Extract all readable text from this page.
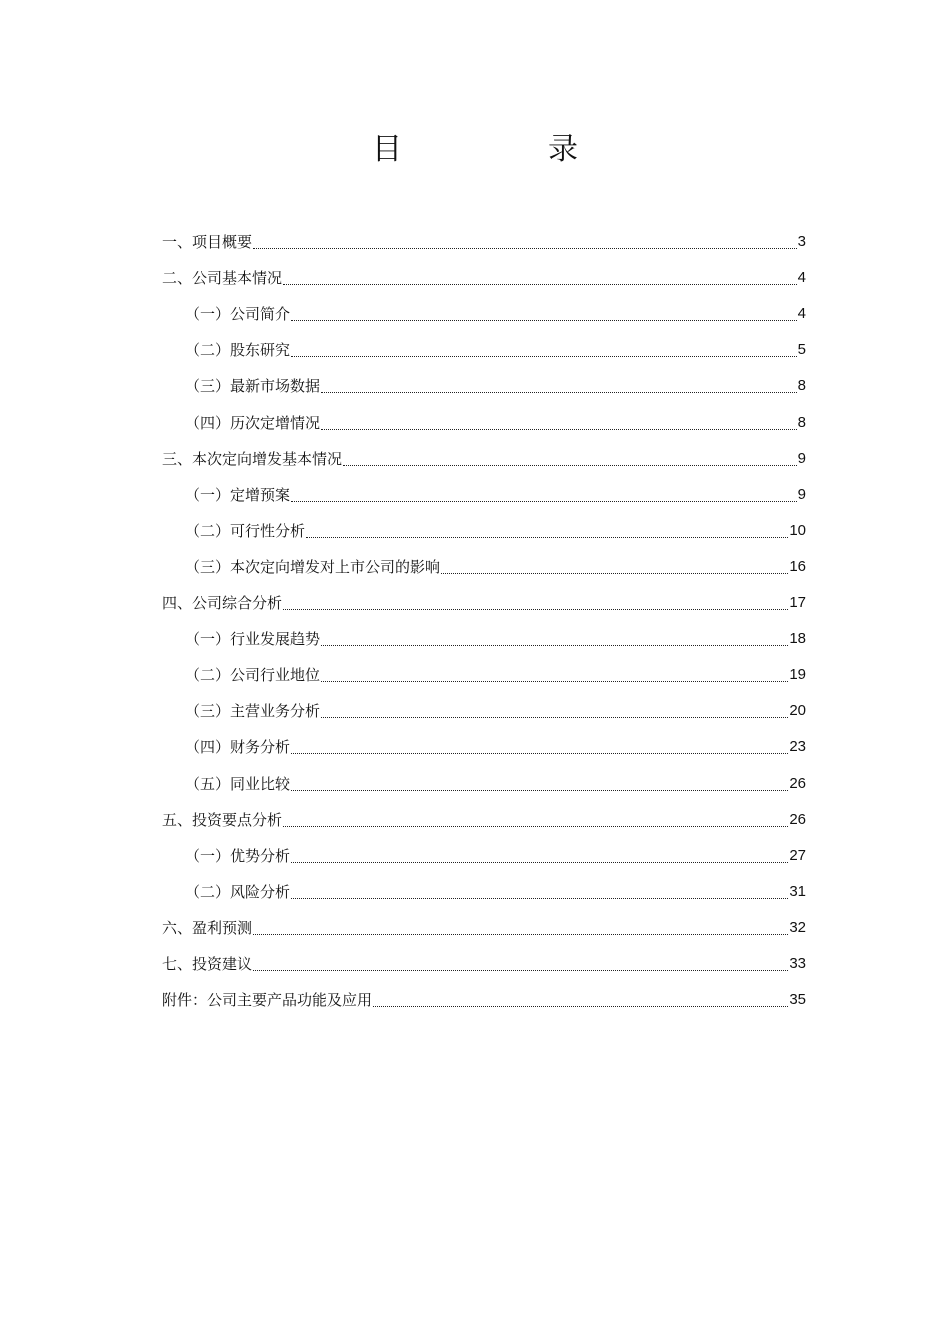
目　录
一、项目概要	3
二、公司基本情况	4
（一）公司简介	4
（二）股东研究	5
（三）最新市场数据	8
（四）历次定增情况	8
三、本次定向增发基本情况	9
（一）定增预案	9
（二）可行性分析	10
（三）本次定向增发对上市公司的影响	16
四、公司综合分析	17
（一）行业发展趋势	18
（二）公司行业地位	19
（三）主营业务分析	20
（四）财务分析	23
（五）同业比较	26
五、投资要点分析	26
（一）优势分析	27
（二）风险分析	31
六、盈利预测	32
七、投资建议	33
附件：公司主要产品功能及应用	35
